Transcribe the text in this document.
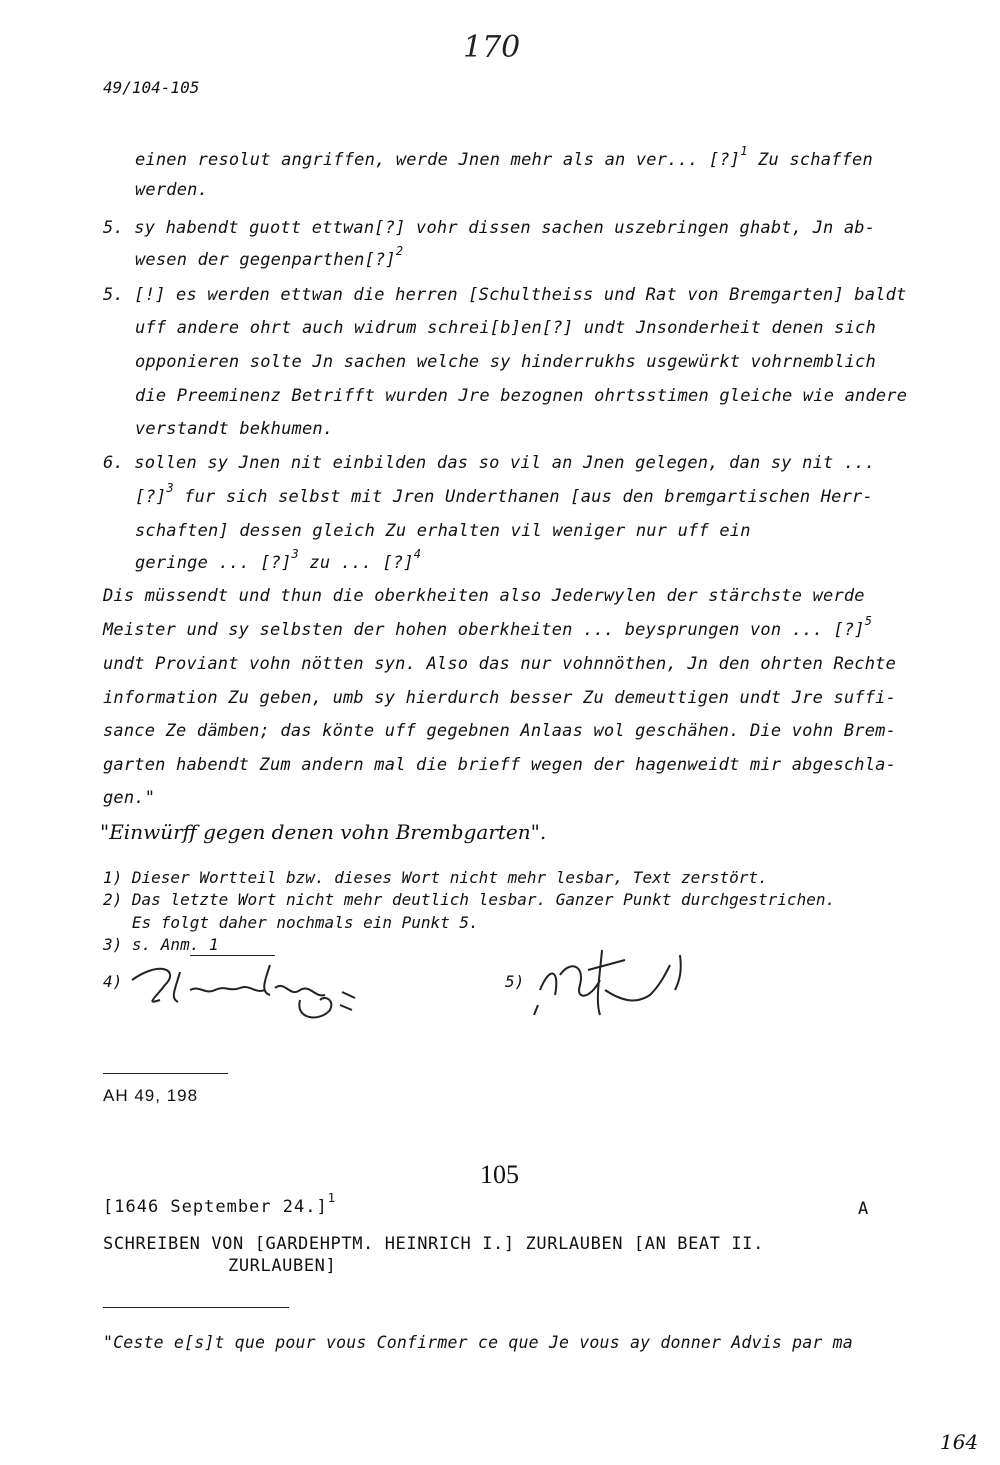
170
49/104-105
einen resolut angriffen, werde Jnen mehr als an ver... [?]$^1$ Zu schaffen
werden.
5. sy habendt guott ettwan[?] vohr dissen sachen uszebringen ghabt, Jn ab-
wesen der gegenparthen[?]$^2$
5. [!] es werden ettwan die herren [Schultheiss und Rat von Bremgarten] baldt
uff andere ohrt auch widrum schrei[b]en[?] undt Jnsonderheit denen sich
opponieren solte Jn sachen welche sy hinderrukhs usgewürkt vohrnemblich
die Preeminenz Betrifft wurden Jre bezognen ohrtsstimen gleiche wie andere
verstandt bekhumen.
6. sollen sy Jnen nit einbilden das so vil an Jnen gelegen, dan sy nit ...
[?]$^3$ fur sich selbst mit Jren Underthanen [aus den bremgartischen Herr-
schaften] dessen gleich Zu erhalten vil weniger nur uff ein
geringe ... [?]$^3$ zu ... [?]$^4$
Dis müssendt und thun die oberkheiten also Jederwylen der stärchste werde
Meister und sy selbsten der hohen oberkheiten ... beysprungen von ... [?]$^5$
undt Proviant vohn nötten syn. Also das nur vohnnöthen, Jn den ohrten Rechte
information Zu geben, umb sy hierdurch besser Zu demeuttigen undt Jre suffi-
sance Ze dämben; das könte uff gegebnen Anlaas wol geschähen. Die vohn Brem-
garten habendt Zum andern mal die brieff wegen der hagenweidt mir abgeschla-
gen."
"Einwürff gegen denen vohn Brembgarten".
1) Dieser Wortteil bzw. dieses Wort nicht mehr lesbar, Text zerstört.
2) Das letzte Wort nicht mehr deutlich lesbar. Ganzer Punkt durchgestrichen.
Es folgt daher nochmals ein Punkt 5.
3) s. Anm. 1
4)	5)
AH 49, 198
105
[1646 September 24.]$^1$
A
SCHREIBEN VON [GARDEHPTM. HEINRICH I.] ZURLAUBEN [AN BEAT II.
ZURLAUBEN]
"Ceste e[s]t que pour vous Confirmer ce que Je vous ay donner Advis par ma
164
